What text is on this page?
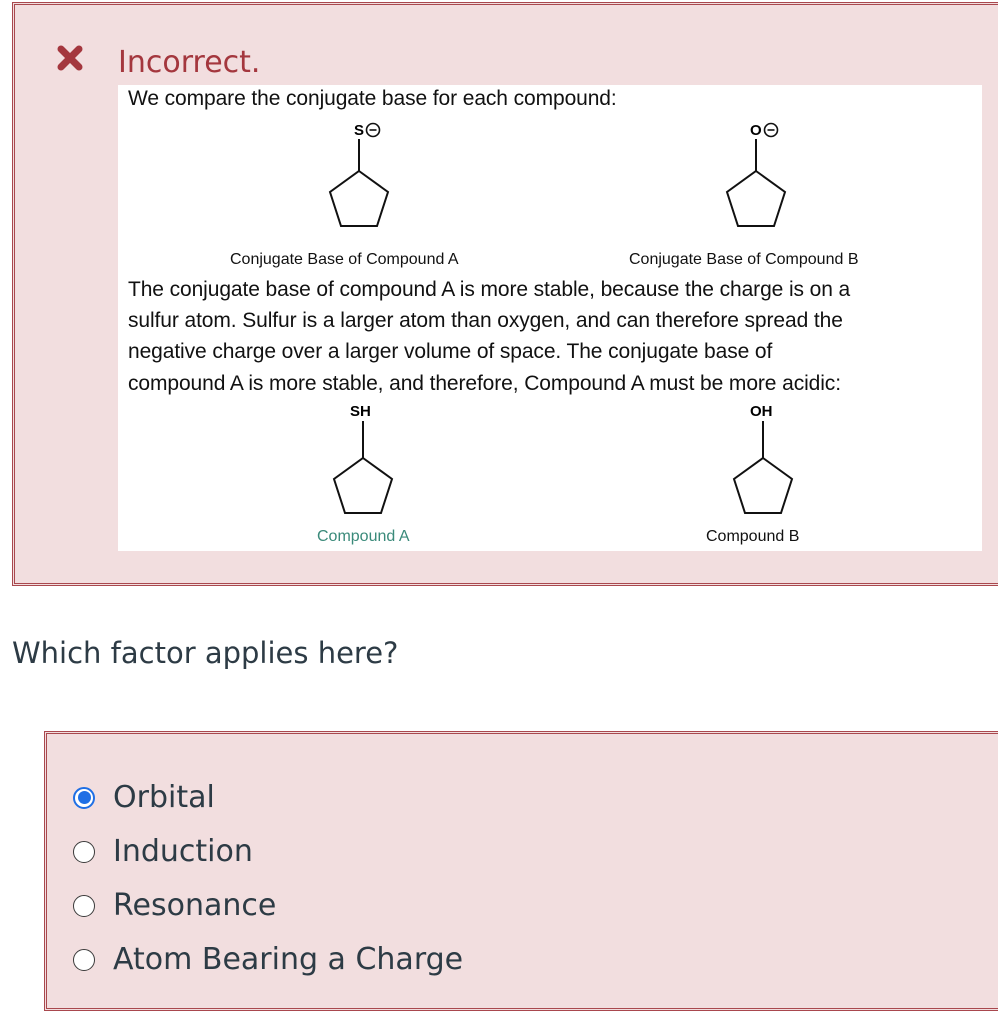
Incorrect.
We compare the conjugate base for each compound:
S	O
SH	OH
Conjugate Base of Compound A	Conjugate Base of Compound B
The conjugate base of compound A is more stable, because the charge is on a
sulfur atom. Sulfur is a larger atom than oxygen, and can therefore spread the
negative charge over a larger volume of space. The conjugate base of
compound A is more stable, and therefore, Compound A must be more acidic:
Compound A	Compound B
Which factor applies here?
Orbital
Induction
Resonance
Atom Bearing a Charge
